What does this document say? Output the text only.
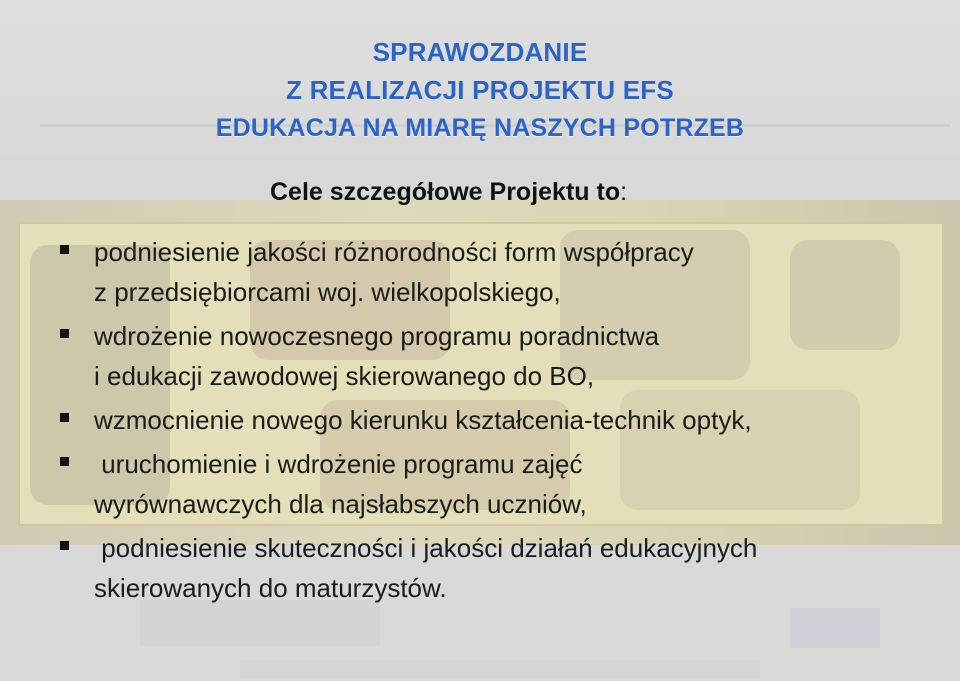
SPRAWOZDANIE
Z REALIZACJI PROJEKTU EFS
EDUKACJA NA MIARĘ NASZYCH POTRZEB
Cele szczegółowe Projektu to:
podniesienie jakości różnorodności form współpracy
z przedsiębiorcami woj. wielkopolskiego,
wdrożenie nowoczesnego programu poradnictwa
i edukacji zawodowej skierowanego do BO,
wzmocnienie nowego kierunku kształcenia-technik optyk,
uruchomienie i wdrożenie programu zajęć
wyrównawczych dla najsłabszych uczniów,
podniesienie skuteczności i jakości działań edukacyjnych
skierowanych do maturzystów.
